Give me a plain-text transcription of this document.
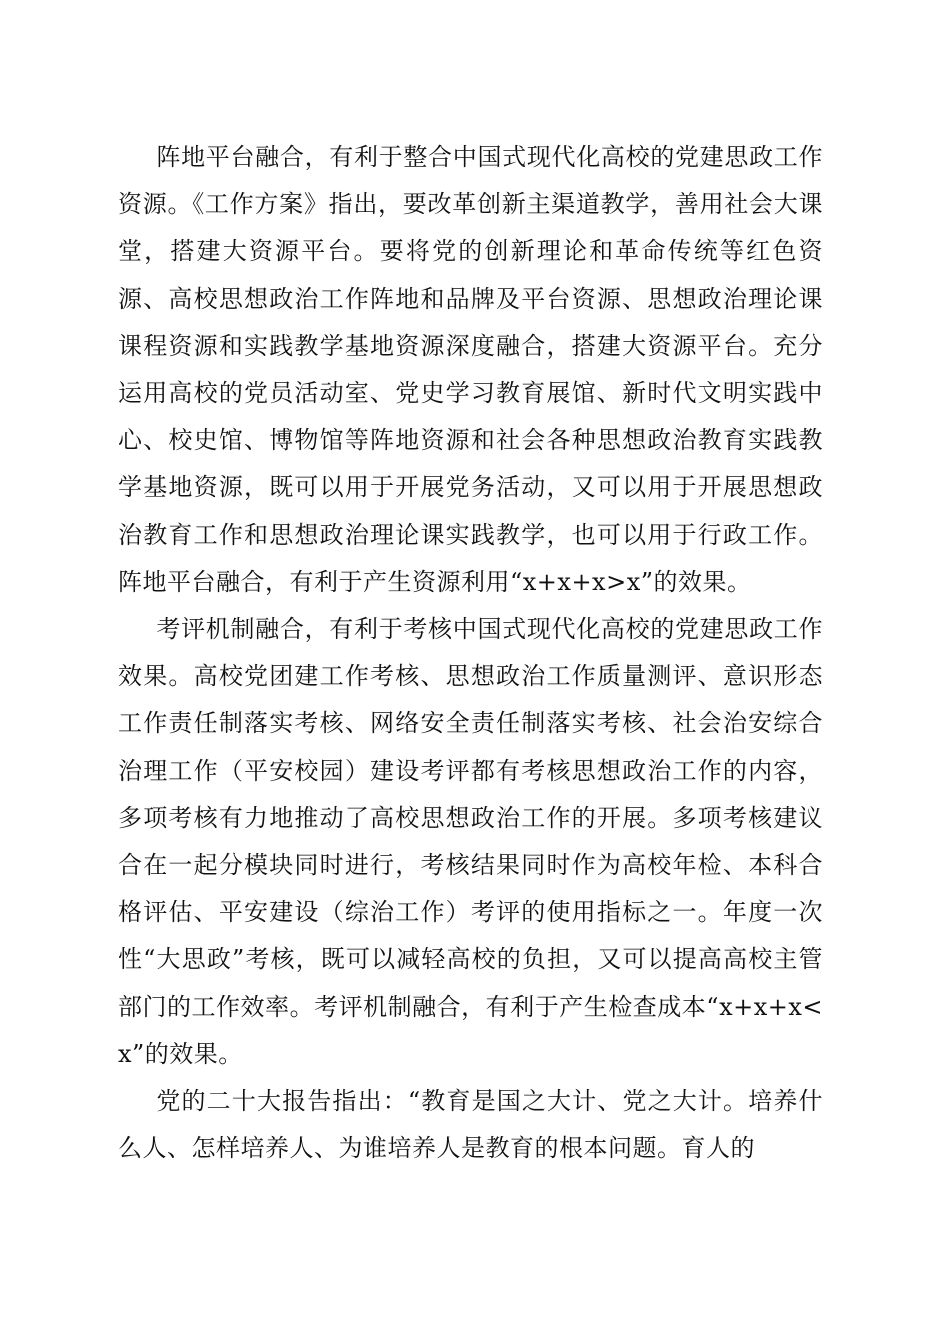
阵地平台融合，有利于整合中国式现代化高校的党建思政工作资源。《工作方案》指出，要改革创新主渠道教学，善用社会大课堂，搭建大资源平台。要将党的创新理论和革命传统等红色资源、高校思想政治工作阵地和品牌及平台资源、思想政治理论课课程资源和实践教学基地资源深度融合，搭建大资源平台。充分运用高校的党员活动室、党史学习教育展馆、新时代文明实践中心、校史馆、博物馆等阵地资源和社会各种思想政治教育实践教学基地资源，既可以用于开展党务活动，又可以用于开展思想政治教育工作和思想政治理论课实践教学，也可以用于行政工作。阵地平台融合，有利于产生资源利用“x+x+x>x”的效果。

考评机制融合，有利于考核中国式现代化高校的党建思政工作效果。高校党团建工作考核、思想政治工作质量测评、意识形态工作责任制落实考核、网络安全责任制落实考核、社会治安综合治理工作（平安校园）建设考评都有考核思想政治工作的内容，多项考核有力地推动了高校思想政治工作的开展。多项考核建议合在一起分模块同时进行，考核结果同时作为高校年检、本科合格评估、平安建设（综治工作）考评的使用指标之一。年度一次性“大思政”考核，既可以减轻高校的负担，又可以提高高校主管部门的工作效率。考评机制融合，有利于产生检查成本“x+x+x<x”的效果。

党的二十大报告指出：“教育是国之大计、党之大计。培养什么人、怎样培养人、为谁培养人是教育的根本问题。育人的
